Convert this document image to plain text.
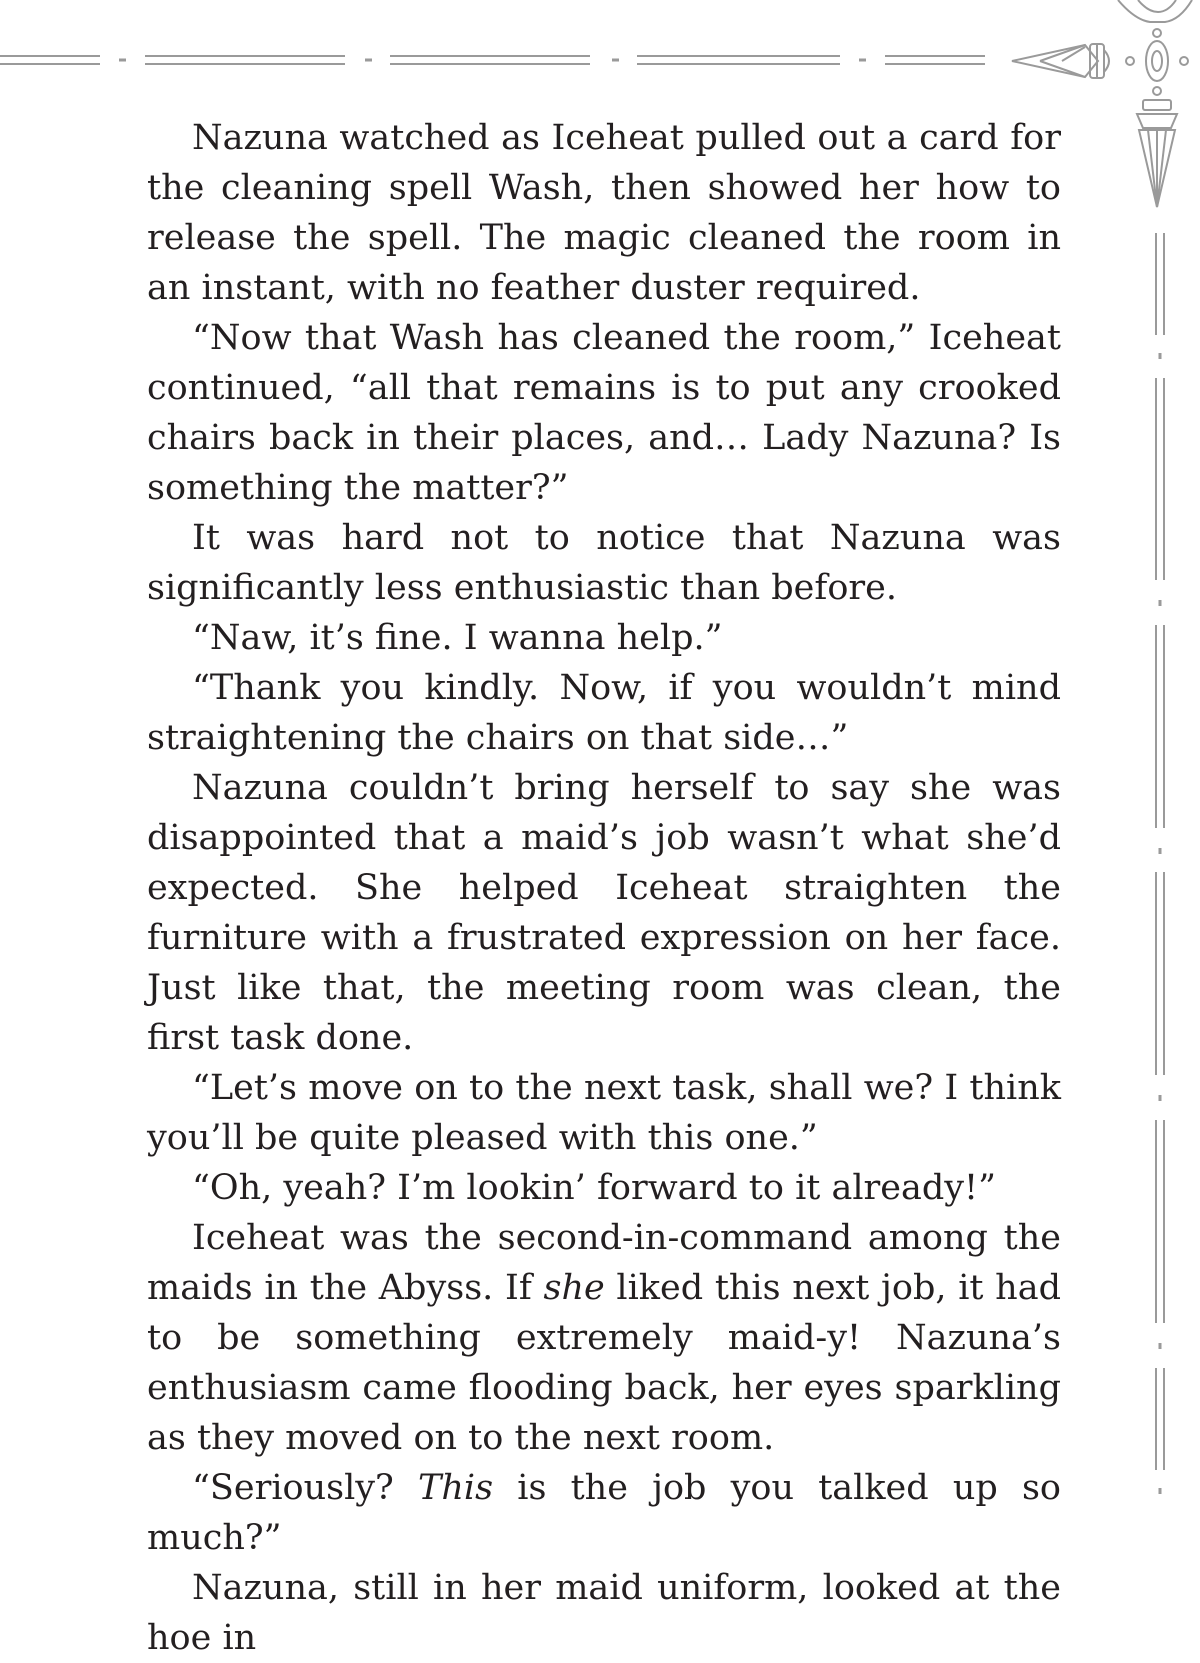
Nazuna watched as Iceheat pulled out a card for the cleaning spell Wash, then showed her how to release the spell. The magic cleaned the room in an instant, with no feather duster required.

“Now that Wash has cleaned the room,” Iceheat continued, “all that remains is to put any crooked chairs back in their places, and… Lady Nazuna? Is something the matter?”

It was hard not to notice that Nazuna was significantly less enthusiastic than before.

“Naw, it’s fine. I wanna help.”

“Thank you kindly. Now, if you wouldn’t mind straightening the chairs on that side…”

Nazuna couldn’t bring herself to say she was disappointed that a maid’s job wasn’t what she’d expected. She helped Iceheat straighten the furniture with a frustrated expression on her face. Just like that, the meeting room was clean, the first task done.

“Let’s move on to the next task, shall we? I think you’ll be quite pleased with this one.”

“Oh, yeah? I’m lookin’ forward to it already!”

Iceheat was the second-in-command among the maids in the Abyss. If she liked this next job, it had to be something extremely maid-y! Nazuna’s enthusiasm came flooding back, her eyes sparkling as they moved on to the next room.

“Seriously? This is the job you talked up so much?”

Nazuna, still in her maid uniform, looked at the hoe in
